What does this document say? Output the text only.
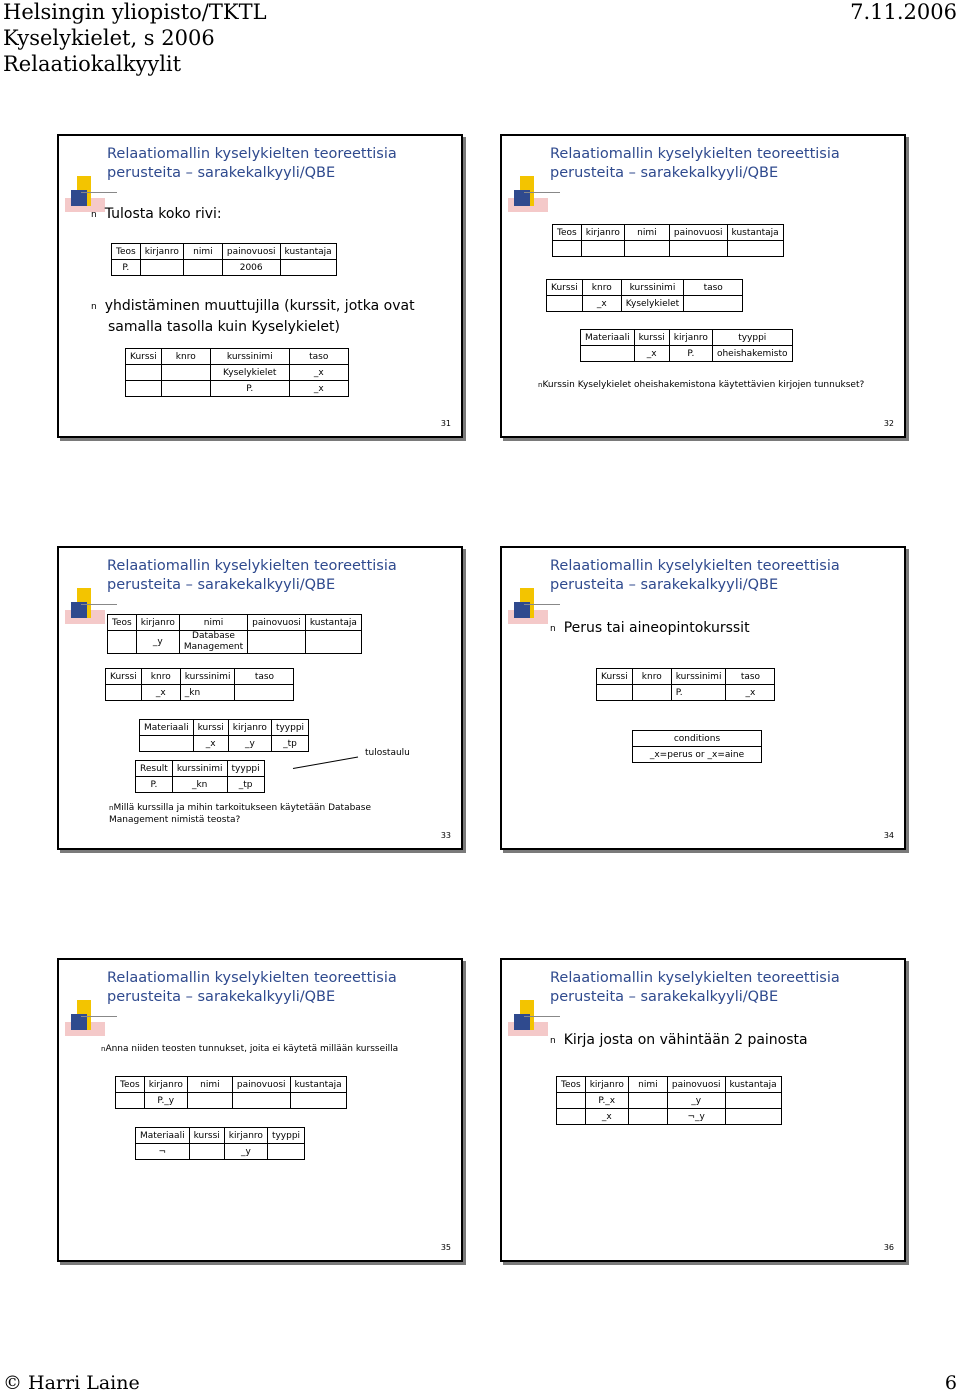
Helsingin yliopisto/TKTL	7.11.2006
Kyselykielet, s 2006
Relaatiokalkyylit
Relaatiomallin kyselykielten teoreettisia
perusteita – sarakekalkyyli/QBE
n Tulosta koko rivi:
Teos	kirjanro	nimi	painovuosi	kustantaja
P.			2006	
n yhdistäminen muuttujilla (kurssit, jotka ovat
samalla tasolla kuin Kyselykielet)
Kurssi	knro	kurssinimi	taso
		Kyselykielet	_x
		P.	_x
31
Relaatiomallin kyselykielten teoreettisia
perusteita – sarakekalkyyli/QBE
Teos	kirjanro	nimi	painovuosi	kustantaja

Kurssi	knro	kurssinimi	taso
	_x	Kyselykielet	
Materiaali	kurssi	kirjanro	tyyppi
	_x	P.	oheishakemisto
nKurssin Kyselykielet oheishakemistona käytettävien kirjojen tunnukset?
32
Relaatiomallin kyselykielten teoreettisia
perusteita – sarakekalkyyli/QBE
Teos	kirjanro	nimi	painovuosi	kustantaja
	_y	Database Management		
Kurssi	knro	kurssinimi	taso
	_x	_kn	
Materiaali	kurssi	kirjanro	tyyppi
	_x	_y	_tp
Result	kurssinimi	tyyppi
P.	_kn	_tp
tulostaulu
nMillä kurssilla ja mihin tarkoitukseen käytetään Database
Management nimistä teosta?
33
Relaatiomallin kyselykielten teoreettisia
perusteita – sarakekalkyyli/QBE
n Perus tai aineopintokurssit
Kurssi	knro	kurssinimi	taso
		P.	_x
conditions
_x=perus or _x=aine
34
Relaatiomallin kyselykielten teoreettisia
perusteita – sarakekalkyyli/QBE
nAnna niiden teosten tunnukset, joita ei käytetä millään kursseilla
Teos	kirjanro	nimi	painovuosi	kustantaja
	P._y			
Materiaali	kurssi	kirjanro	tyyppi
¬		_y	
35
Relaatiomallin kyselykielten teoreettisia
perusteita – sarakekalkyyli/QBE
n Kirja josta on vähintään 2 painosta
Teos	kirjanro	nimi	painovuosi	kustantaja
	P._x		_y	
	_x		¬_y	
36
© Harri Laine	6
